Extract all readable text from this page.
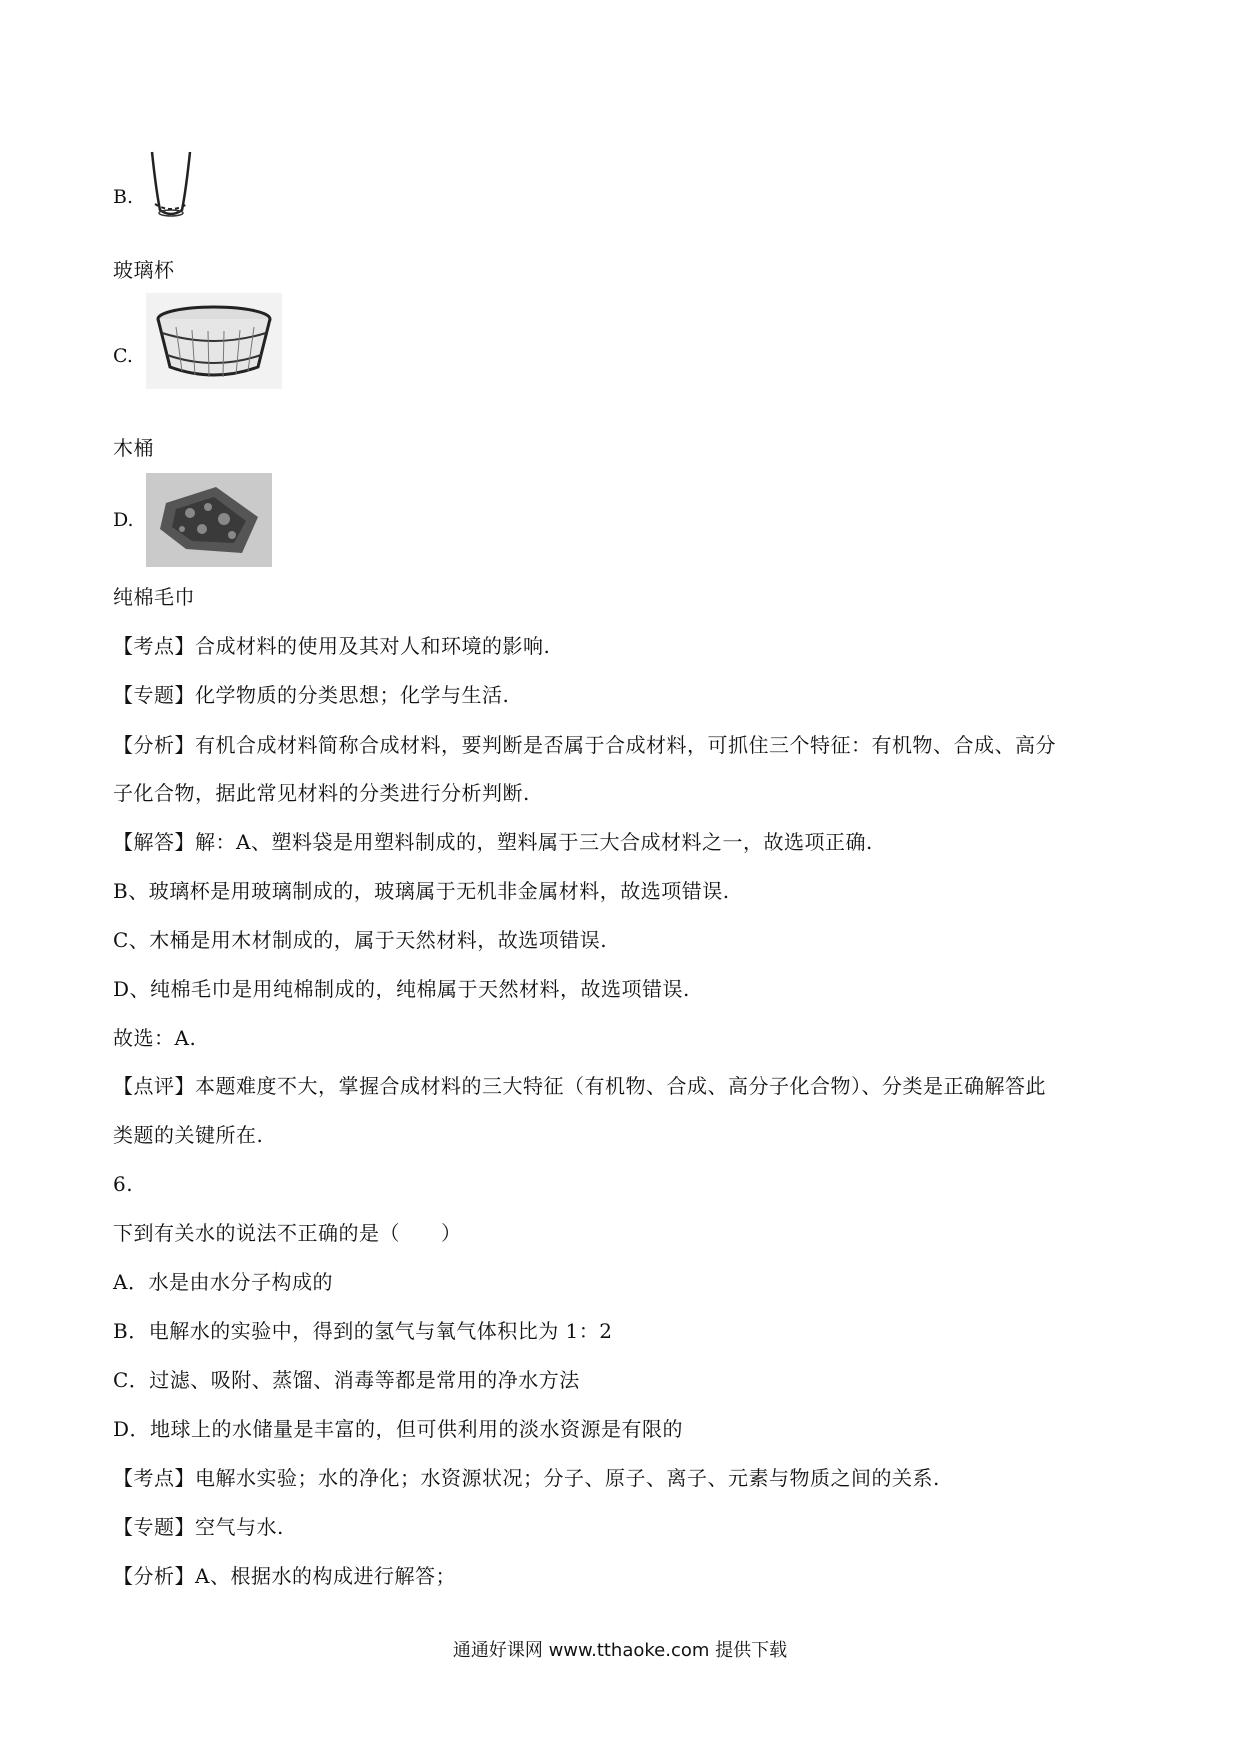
B.
玻璃杯
C.
木桶
D.
纯棉毛巾
【考点】合成材料的使用及其对人和环境的影响.
【专题】化学物质的分类思想；化学与生活.
【分析】有机合成材料简称合成材料，要判断是否属于合成材料，可抓住三个特征：有机物、合成、高分
子化合物，据此常见材料的分类进行分析判断.
【解答】解：A、塑料袋是用塑料制成的，塑料属于三大合成材料之一，故选项正确.
B、玻璃杯是用玻璃制成的，玻璃属于无机非金属材料，故选项错误.
C、木桶是用木材制成的，属于天然材料，故选项错误.
D、纯棉毛巾是用纯棉制成的，纯棉属于天然材料，故选项错误.
故选：A.
【点评】本题难度不大，掌握合成材料的三大特征（有机物、合成、高分子化合物）、分类是正确解答此
类题的关键所在.
6.
下到有关水的说法不正确的是（　　）
A．水是由水分子构成的
B．电解水的实验中，得到的氢气与氧气体积比为 1：2
C．过滤、吸附、蒸馏、消毒等都是常用的净水方法
D．地球上的水储量是丰富的，但可供利用的淡水资源是有限的
【考点】电解水实验；水的净化；水资源状况；分子、原子、离子、元素与物质之间的关系.
【专题】空气与水.
【分析】A、根据水的构成进行解答；
通通好课网 www.tthaoke.com 提供下载
